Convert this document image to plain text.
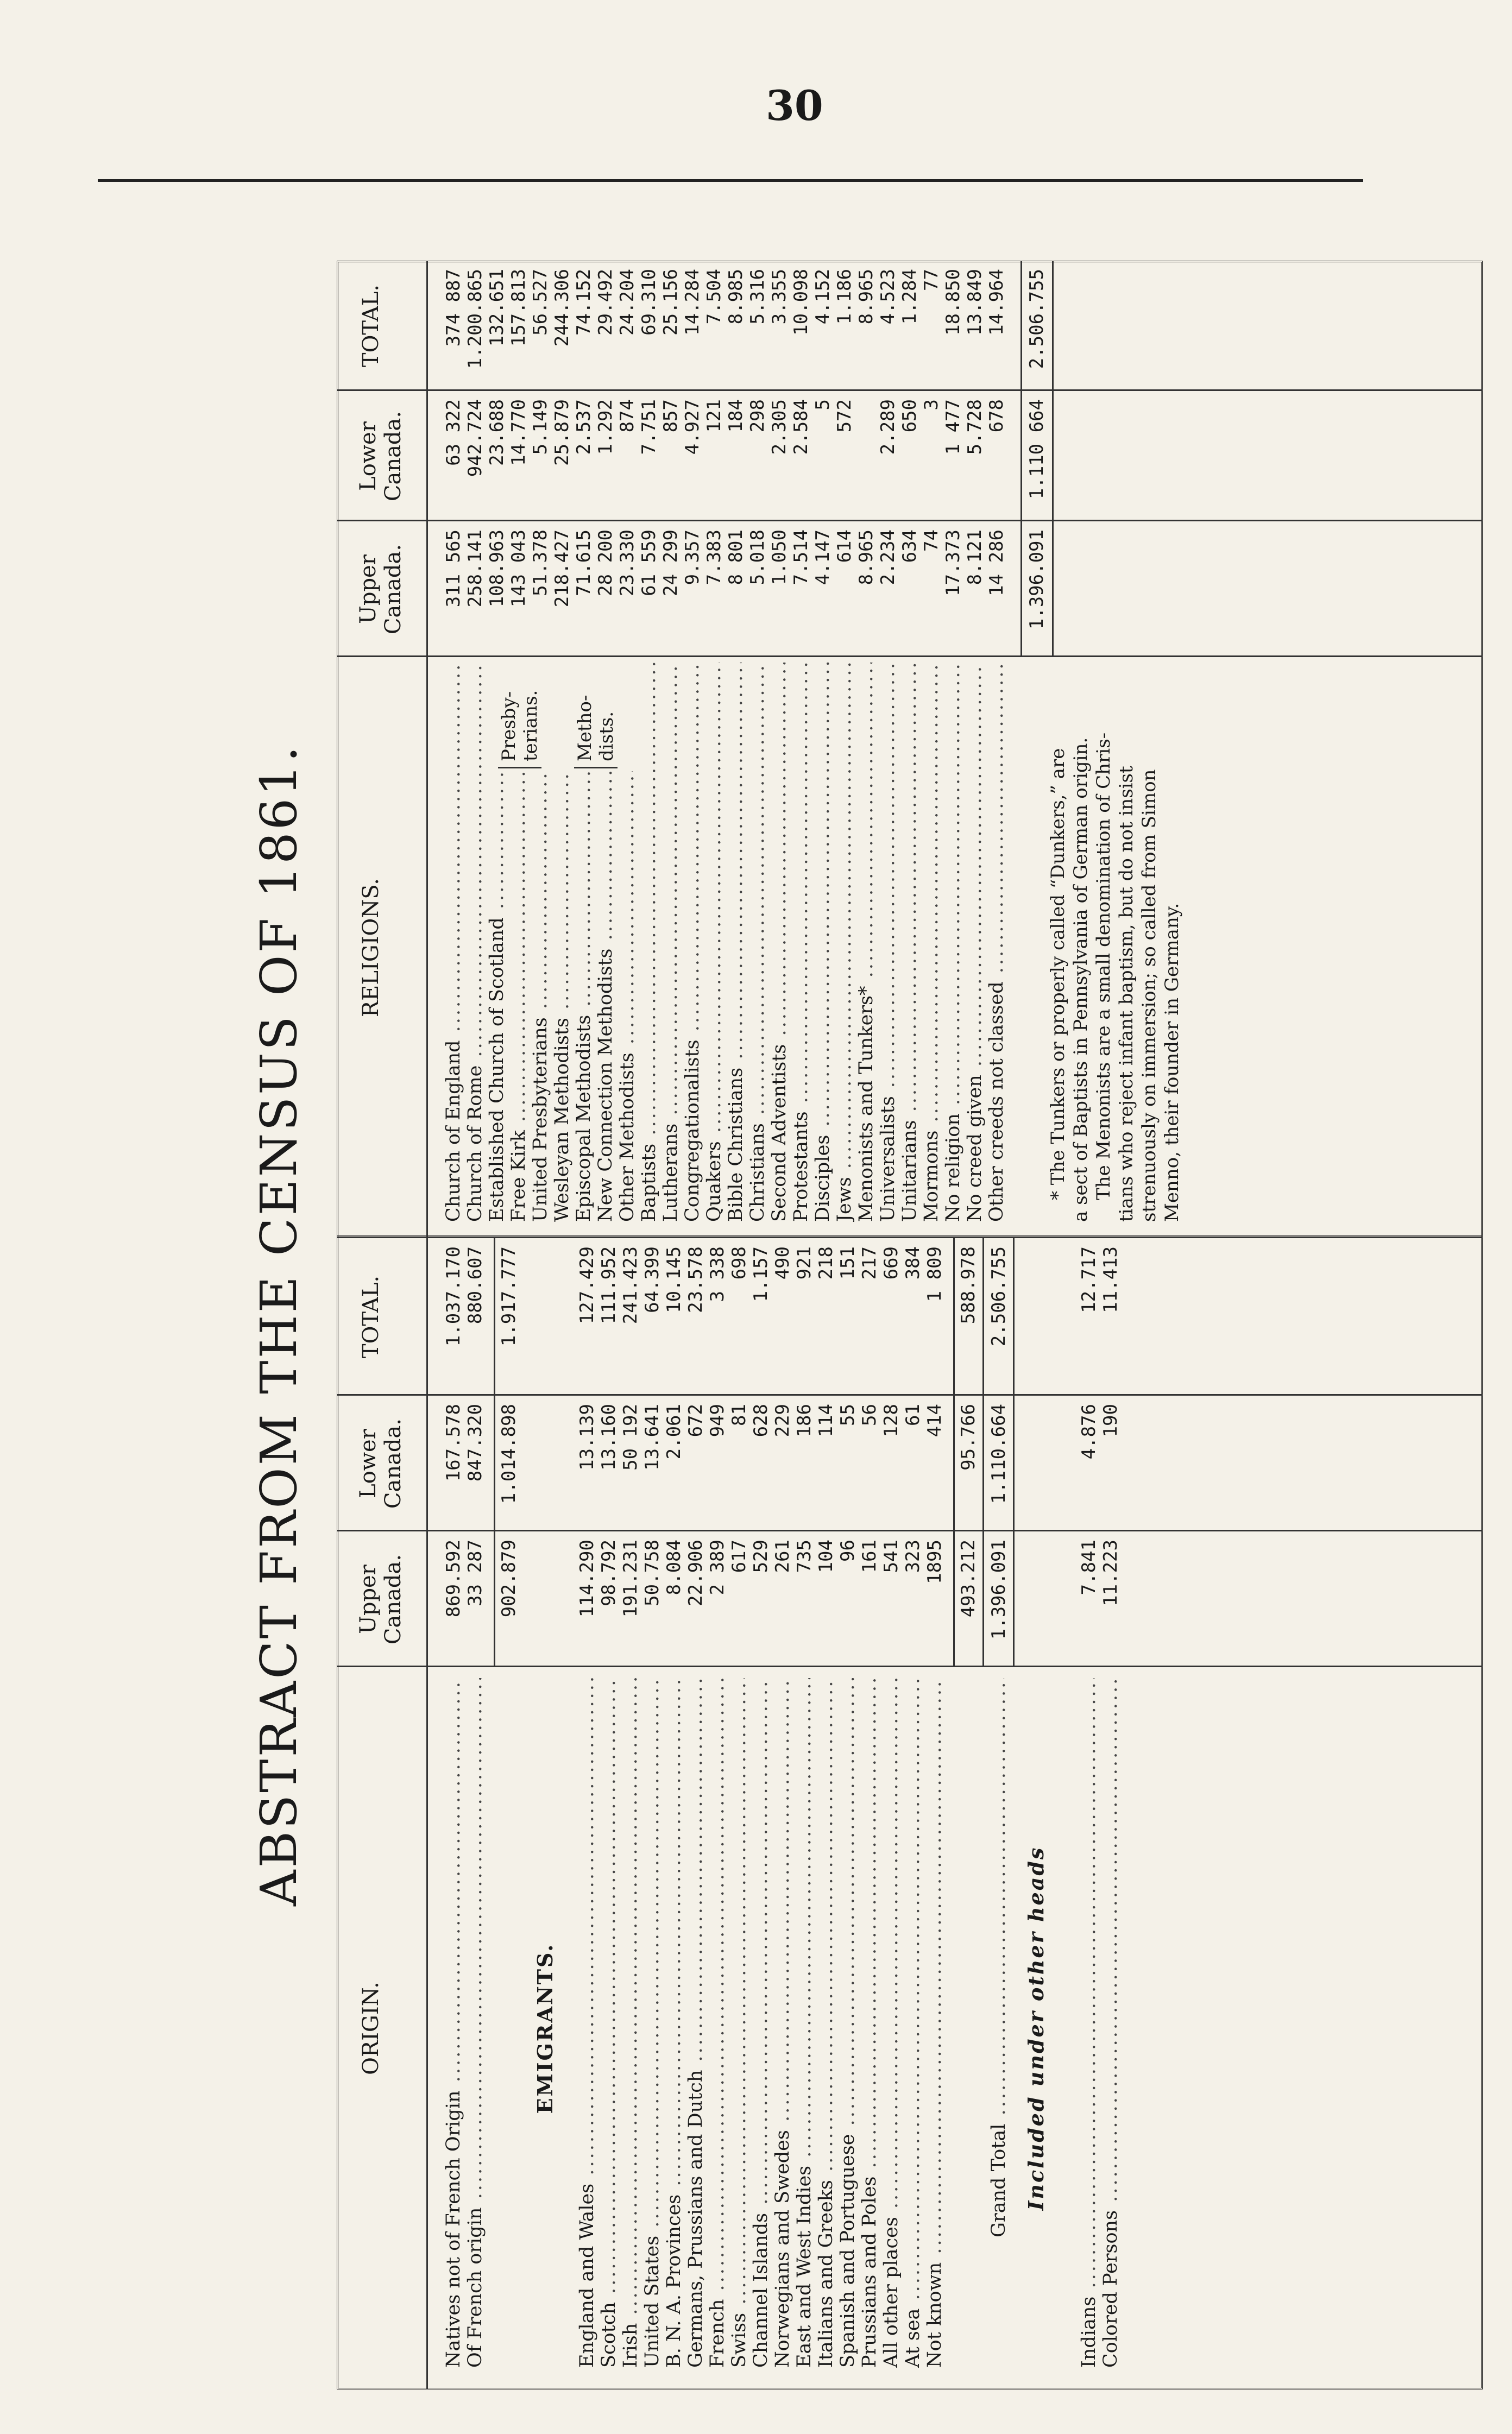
30
ABSTRACT FROM THE CENSUS OF 1861.
ORIGIN.
Upper
Canada.
Lower
Canada.
TOTAL.
RELIGIONS.
Upper
Canada.
Lower
Canada.
TOTAL.
Natives not of French Origin .....
869.592
167.578
1.037.170
Of French origin .....
33 287
847.320
880.607
902.879
1.014.898
1.917.777
EMIGRANTS.
England and Wales .....
114.290
13.139
127.429
Scotch .....
98.792
13.160
111.952
Irish .....
191.231
50 192
241.423
United States .....
50.758
13.641
64.399
B. N. A. Provinces .....
8.084
2.061
10.145
Germans, Prussians and Dutch .....
22.906
672
23.578
French .....
2 389
949
3 338
Swiss .....
617
81
698
Channel Islands .....
529
628
1.157
Norwegians and Swedes .....
261
229
490
East and West Indies .....
735
186
921
Italians and Greeks .....
104
114
218
Spanish and Portuguese .....
96
55
151
Prussians and Poles .....
161
56
217
All other places .....
541
128
669
At sea .....
323
61
384
Not known .....
1895
414
1 809
493.212
95.766
588.978
Grand Total .....
1.396.091
1.110.664
2.506.755
Included under other heads
Indians .....
7.841
4.876
12.717
Colored Persons .....
11.223
190
11.413
Church of England .....
311 565
63 322
374 887
Church of Rome .....
258.141
942.724
1.200.865
Established Church of Scotland .....
108.963
23.688
132.651
Presby-
terians.
Free Kirk .....
143 043
14.770
157.813
United Presbyterians .....
51.378
5.149
56.527
Wesleyan Methodists .....
218.427
25.879
244.306
Metho-
dists.
Episcopal Methodists .....
71.615
2.537
74.152
New Connection Methodists .....
28 200
1.292
29.492
Other Methodists .....
23.330
874
24.204
Baptists .....
61 559
7.751
69.310
Lutherans .....
24 299
857
25.156
Congregationalists .....
9.357
4.927
14.284
Quakers .....
7.383
121
7.504
Bible Christians .....
8 801
184
8.985
Christians .....
5.018
298
5.316
Second Adventists .....
1.050
2.305
3.355
Protestants .....
7.514
2.584
10.098
Disciples .....
4.147
5
4.152
Jews .....
614
572
1.186
Menonists and Tunkers* .....
8.965
8.965
Universalists .....
2.234
2.289
4.523
Unitarians .....
634
650
1.284
Mormons .....
74
3
77
No religion .....
17.373
1 477
18.850
No creed given .....
8.121
5.728
13.849
Other creeds not classed .....
14 286
678
14.964
1.396.091
1.110 664
2.506.755
* The Tunkers or properly called “Dunkers,” are a sect of Baptists in Pennsylvania of German origin. The Menonists are a small denomination of Chris- tians who reject infant baptism, but do not insist strenuously on immersion; so called from Simon Menno, their founder in Germany.
